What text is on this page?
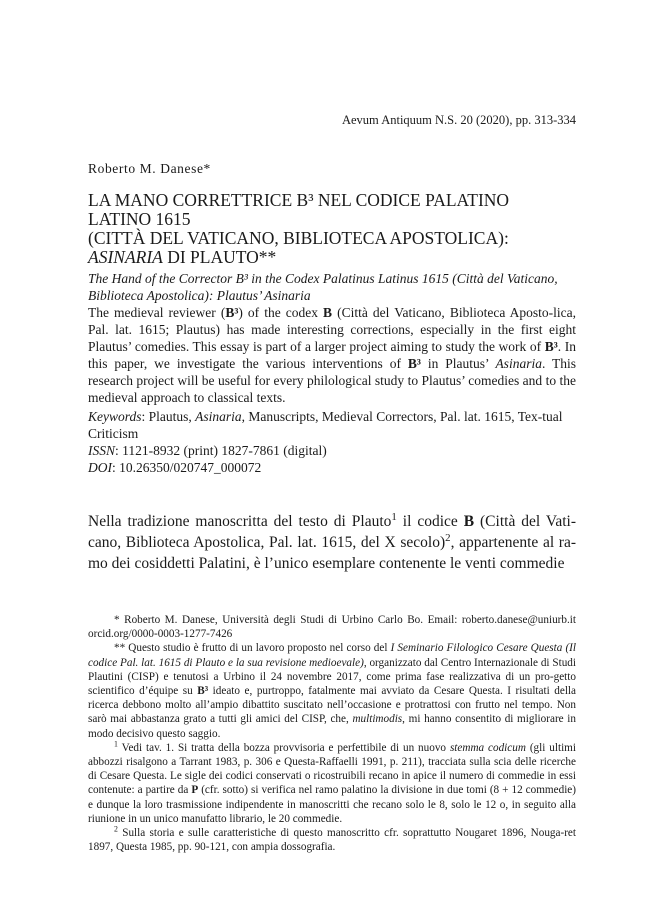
Aevum Antiquum N.S. 20 (2020), pp. 313-334

Roberto M. Danese*

LA MANO CORRETTRICE B³ NEL CODICE PALATINO LATINO 1615
(CITTÀ DEL VATICANO, BIBLIOTECA APOSTOLICA):
ASINARIA DI PLAUTO**
The Hand of the Corrector B³ in the Codex Palatinus Latinus 1615 (Città del Vaticano,
Biblioteca Apostolica): Plautus’ Asinaria

The medieval reviewer (B³) of the codex B (Città del Vaticano, Biblioteca Aposto-lica, Pal. lat. 1615; Plautus) has made interesting corrections, especially in the first eight Plautus’ comedies. This essay is part of a larger project aiming to study the work of B³. In this paper, we investigate the various interventions of B³ in Plautus’ Asinaria. This research project will be useful for every philological study to Plautus’ comedies and to the medieval approach to classical texts.

Keywords: Plautus, Asinaria, Manuscripts, Medieval Correctors, Pal. lat. 1615, Tex-tual Criticism
ISSN: 1121-8932 (print) 1827-7861 (digital)
DOI: 10.26350/020747_000072

Nella tradizione manoscritta del testo di Plauto$^1$ il codice B (Città del Vati-cano, Biblioteca Apostolica, Pal. lat. 1615, del X secolo)$^2$, appartenente al ra-mo dei cosiddetti Palatini, è l’unico esemplare contenente le venti commedie

* Roberto M. Danese, Università degli Studi di Urbino Carlo Bo. Email: roberto.danese@uniurb.it orcid.org/0000-0003-1277-7426

** Questo studio è frutto di un lavoro proposto nel corso del I Seminario Filologico Cesare Questa (Il codice Pal. lat. 1615 di Plauto e la sua revisione medioevale), organizzato dal Centro Internazionale di Studi Plautini (CISP) e tenutosi a Urbino il 24 novembre 2017, come prima fase realizzativa di un pro-getto scientifico d’équipe su B³ ideato e, purtroppo, fatalmente mai avviato da Cesare Questa. I risultati della ricerca debbono molto all’ampio dibattito suscitato nell’occasione e protrattosi con frutto nel tempo. Non sarò mai abbastanza grato a tutti gli amici del CISP, che, multimodis, mi hanno consentito di migliorare in modo decisivo questo saggio.

$^1$ Vedi tav. 1. Si tratta della bozza provvisoria e perfettibile di un nuovo stemma codicum (gli ultimi abbozzi risalgono a Tarrant 1983, p. 306 e Questa-Raffaelli 1991, p. 211), tracciata sulla scia delle ricerche di Cesare Questa. Le sigle dei codici conservati o ricostruibili recano in apice il numero di commedie in essi contenute: a partire da P (cfr. sotto) si verifica nel ramo palatino la divisione in due tomi (8 + 12 commedie) e dunque la loro trasmissione indipendente in manoscritti che recano solo le 8, solo le 12 o, in seguito alla riunione in un unico manufatto librario, le 20 commedie.

$^2$ Sulla storia e sulle caratteristiche di questo manoscritto cfr. soprattutto Nougaret 1896, Nouga-ret 1897, Questa 1985, pp. 90-121, con ampia dossografia.
